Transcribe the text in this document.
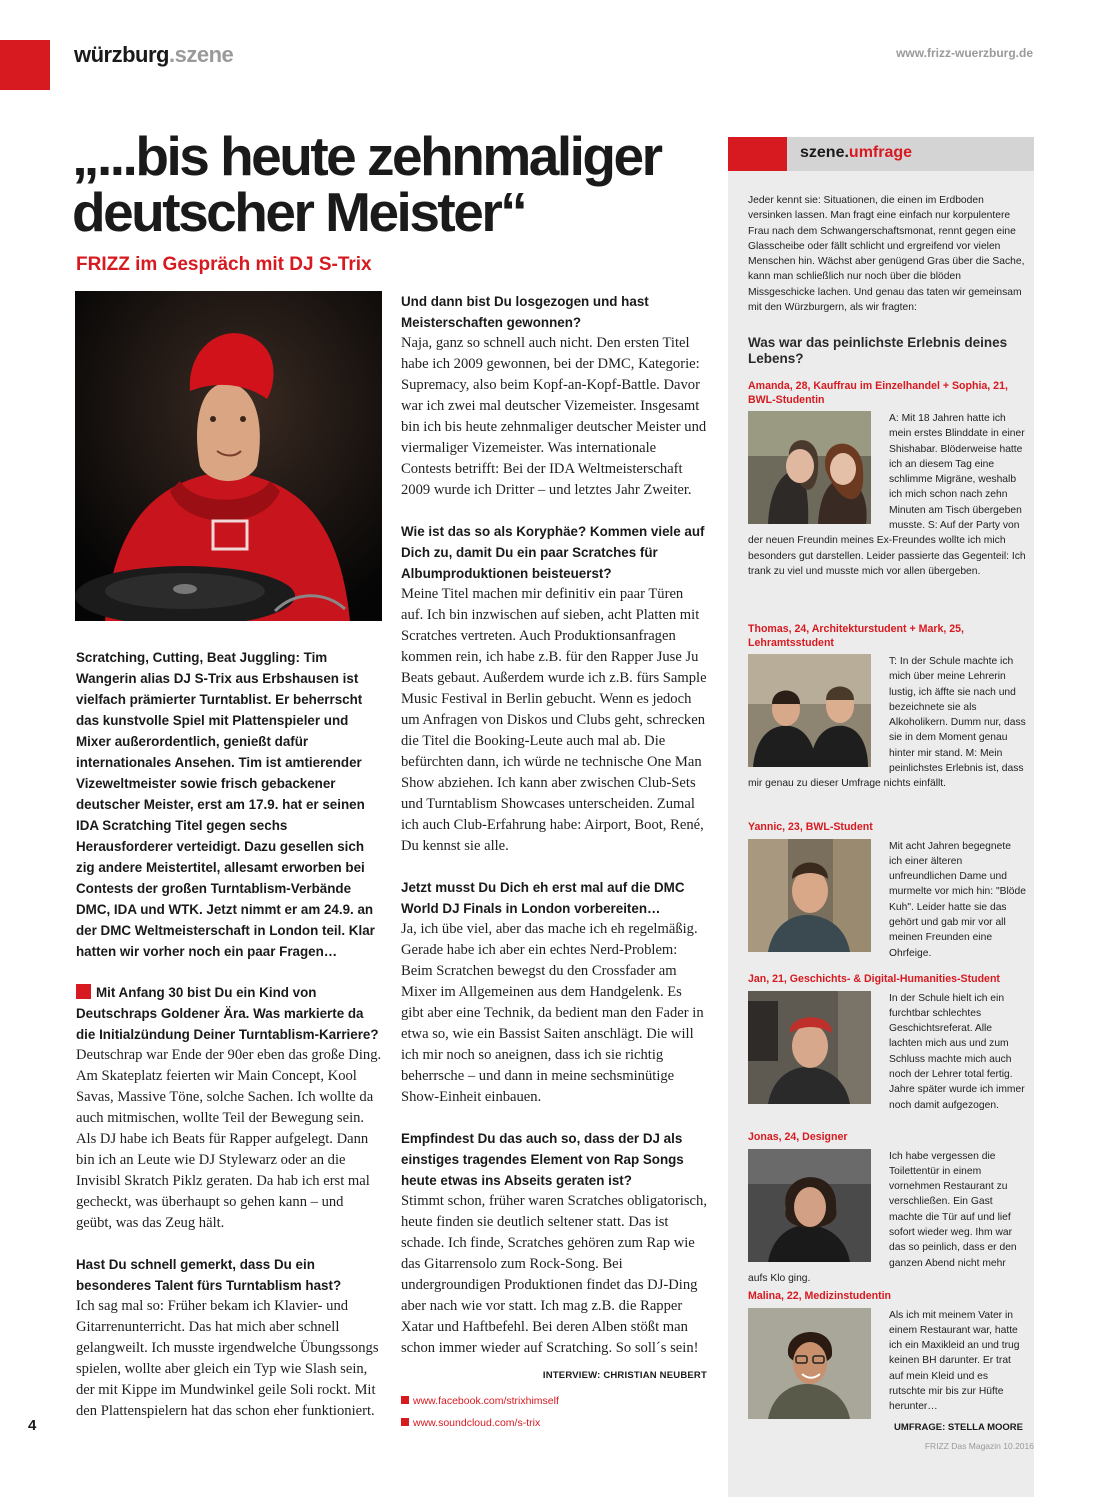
würzburg.szene	www.frizz-wuerzburg.de
„...bis heute zehnmaliger deutscher Meister“
FRIZZ im Gespräch mit DJ S-Trix

Scratching, Cutting, Beat Juggling: Tim Wangerin alias DJ S-Trix aus Erbshausen ist vielfach prämierter Turntablist. Er beherrscht das kunstvolle Spiel mit Plattenspieler und Mixer außerordentlich, genießt dafür internationales Ansehen. Tim ist amtierender Vizeweltmeister sowie frisch gebackener deutscher Meister, erst am 17.9. hat er seinen IDA Scratching Titel gegen sechs Herausforderer verteidigt. Dazu gesellen sich zig andere Meistertitel, allesamt erworben bei Contests der großen Turntablism-Verbände DMC, IDA und WTK. Jetzt nimmt er am 24.9. an der DMC Weltmeisterschaft in London teil. Klar hatten wir vorher noch ein paar Fragen…

Mit Anfang 30 bist Du ein Kind von Deutschraps Goldener Ära. Was markierte da die Initialzündung Deiner Turntablism-Karriere?

Deutschrap war Ende der 90er eben das große Ding. Am Skateplatz feierten wir Main Concept, Kool Savas, Massive Töne, solche Sachen. Ich wollte da auch mitmischen, wollte Teil der Bewegung sein. Als DJ habe ich Beats für Rapper aufgelegt. Dann bin ich an Leute wie DJ Stylewarz oder an die Invisibl Skratch Piklz geraten. Da hab ich erst mal gecheckt, was überhaupt so gehen kann – und geübt, was das Zeug hält.

Hast Du schnell gemerkt, dass Du ein besonderes Talent fürs Turntablism hast?

Ich sag mal so: Früher bekam ich Klavier- und Gitarrenunterricht. Das hat mich aber schnell gelangweilt. Ich musste irgendwelche Übungssongs spielen, wollte aber gleich ein Typ wie Slash sein, der mit Kippe im Mundwinkel geile Soli rockt. Mit den Plattenspielern hat das schon eher funktioniert.

Und dann bist Du losgezogen und hast Meisterschaften gewonnen?

Naja, ganz so schnell auch nicht. Den ersten Titel habe ich 2009 gewonnen, bei der DMC, Kategorie: Supremacy, also beim Kopf-an-Kopf-Battle. Davor war ich zwei mal deutscher Vizemeister. Insgesamt bin ich bis heute zehnmaliger deutscher Meister und viermaliger Vizemeister. Was internationale Contests betrifft: Bei der IDA Weltmeisterschaft 2009 wurde ich Dritter – und letztes Jahr Zweiter.

Wie ist das so als Koryphäe? Kommen viele auf Dich zu, damit Du ein paar Scratches für Albumproduktionen beisteuerst?

Meine Titel machen mir definitiv ein paar Türen auf. Ich bin inzwischen auf sieben, acht Platten mit Scratches vertreten. Auch Produktionsanfragen kommen rein, ich habe z.B. für den Rapper Juse Ju Beats gebaut. Außerdem wurde ich z.B. fürs Sample Music Festival in Berlin gebucht. Wenn es jedoch um Anfragen von Diskos und Clubs geht, schrecken die Titel die Booking-Leute auch mal ab. Die befürchten dann, ich würde ne technische One Man Show abziehen. Ich kann aber zwischen Club-Sets und Turntablism Showcases unterscheiden. Zumal ich auch Club-Erfahrung habe: Airport, Boot, René, Du kennst sie alle.

Jetzt musst Du Dich eh erst mal auf die DMC World DJ Finals in London vorbereiten…

Ja, ich übe viel, aber das mache ich eh regelmäßig. Gerade habe ich aber ein echtes Nerd-Problem: Beim Scratchen bewegst du den Crossfader am Mixer im Allgemeinen aus dem Handgelenk. Es gibt aber eine Technik, da bedient man den Fader in etwa so, wie ein Bassist Saiten anschlägt. Die will ich mir noch so aneignen, dass ich sie richtig beherrsche – und dann in meine sechsminütige Show-Einheit einbauen.

Empfindest Du das auch so, dass der DJ als einstiges tragendes Element von Rap Songs heute etwas ins Abseits geraten ist?

Stimmt schon, früher waren Scratches obligatorisch, heute finden sie deutlich seltener statt. Das ist schade. Ich finde, Scratches gehören zum Rap wie das Gitarrensolo zum Rock-Song. Bei undergroundigen Produktionen findet das DJ-Ding aber nach wie vor statt. Ich mag z.B. die Rapper Xatar und Haftbefehl. Bei deren Alben stößt man schon immer wieder auf Scratching. So soll´s sein!

INTERVIEW: CHRISTIAN NEUBERT

www.facebook.com/strixhimself

www.soundcloud.com/s-trix

4
szene.umfrage

Jeder kennt sie: Situationen, die einen im Erdboden versinken lassen. Man fragt eine einfach nur korpulentere Frau nach dem Schwangerschaftsmonat, rennt gegen eine Glasscheibe oder fällt schlicht und ergreifend vor vielen Menschen hin. Wächst aber genügend Gras über die Sache, kann man schließlich nur noch über die blöden Missgeschicke lachen. Und genau das taten wir gemeinsam mit den Würzburgern, als wir fragten:

Was war das peinlichste Erlebnis deines Lebens?

Amanda, 28, Kauffrau im Einzelhandel + Sophia, 21, BWL-Studentin

A: Mit 18 Jahren hatte ich mein erstes Blinddate in einer Shishabar. Blöderweise hatte ich an diesem Tag eine schlimme Migräne, weshalb ich mich schon nach zehn Minuten am Tisch übergeben musste. S: Auf der Party von der neuen Freundin meines Ex-Freundes wollte ich mich besonders gut darstellen. Leider passierte das Gegenteil: Ich trank zu viel und musste mich vor allen übergeben.

Thomas, 24, Architekturstudent + Mark, 25, Lehramtsstudent

T: In der Schule machte ich mich über meine Lehrerin lustig, ich äffte sie nach und bezeichnete sie als Alkoholikern. Dumm nur, dass sie in dem Moment genau hinter mir stand. M: Mein peinlichstes Erlebnis ist, dass mir genau zu dieser Umfrage nichts einfällt.

Yannic, 23, BWL-Student

Mit acht Jahren begegnete ich einer älteren unfreundlichen Dame und murmelte vor mich hin: "Blöde Kuh". Leider hatte sie das gehört und gab mir vor all meinen Freunden eine Ohrfeige.

Jan, 21, Geschichts- & Digital-Humanities-Student

In der Schule hielt ich ein furchtbar schlechtes Geschichtsreferat. Alle lachten mich aus und zum Schluss machte mich auch noch der Lehrer total fertig. Jahre später wurde ich immer noch damit aufgezogen.

Jonas, 24, Designer

Ich habe vergessen die Toilettentür in einem vornehmen Restaurant zu verschließen. Ein Gast machte die Tür auf und lief sofort wieder weg. Ihm war das so peinlich, dass er den ganzen Abend nicht mehr aufs Klo ging.

Malina, 22, Medizinstudentin

Als ich mit meinem Vater in einem Restaurant war, hatte ich ein Maxikleid an und trug keinen BH darunter. Er trat auf mein Kleid und es rutschte mir bis zur Hüfte herunter…

UMFRAGE: STELLA MOORE
FRIZZ Das Magazin 10.2016
